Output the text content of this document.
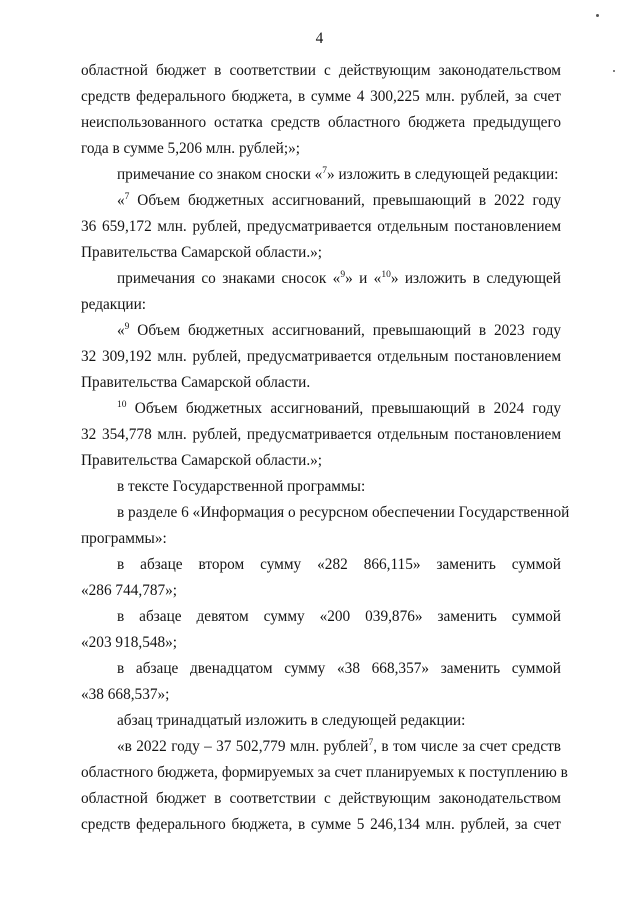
4
областной бюджет в соответствии с действующим законодательством
средств федерального бюджета, в сумме 4 300,225 млн. рублей, за счет
неиспользованного остатка средств областного бюджета предыдущего
года в сумме 5,206 млн. рублей;»;
примечание со знаком сноски «$^7$» изложить в следующей редакции:
«$^7$ Объем бюджетных ассигнований, превышающий в 2022 году
36 659,172 млн. рублей, предусматривается отдельным постановлением
Правительства Самарской области.»;
примечания со знаками сносок «$^9$» и «$^{10}$» изложить в следующей
редакции:
«$^9$ Объем бюджетных ассигнований, превышающий в 2023 году
32 309,192 млн. рублей, предусматривается отдельным постановлением
Правительства Самарской области.
$^{10}$ Объем бюджетных ассигнований, превышающий в 2024 году
32 354,778 млн. рублей, предусматривается отдельным постановлением
Правительства Самарской области.»;
в тексте Государственной программы:
в разделе 6 «Информация о ресурсном обеспечении Государственной
программы»:
в абзаце втором сумму «282 866,115» заменить суммой
«286 744,787»;
в абзаце девятом сумму «200 039,876» заменить суммой
«203 918,548»;
в абзаце двенадцатом сумму «38 668,357» заменить суммой
«38 668,537»;
абзац тринадцатый изложить в следующей редакции:
«в 2022 году – 37 502,779 млн. рублей$^7$, в том числе за счет средств
областного бюджета, формируемых за счет планируемых к поступлению в
областной бюджет в соответствии с действующим законодательством
средств федерального бюджета, в сумме 5 246,134 млн. рублей, за счет
